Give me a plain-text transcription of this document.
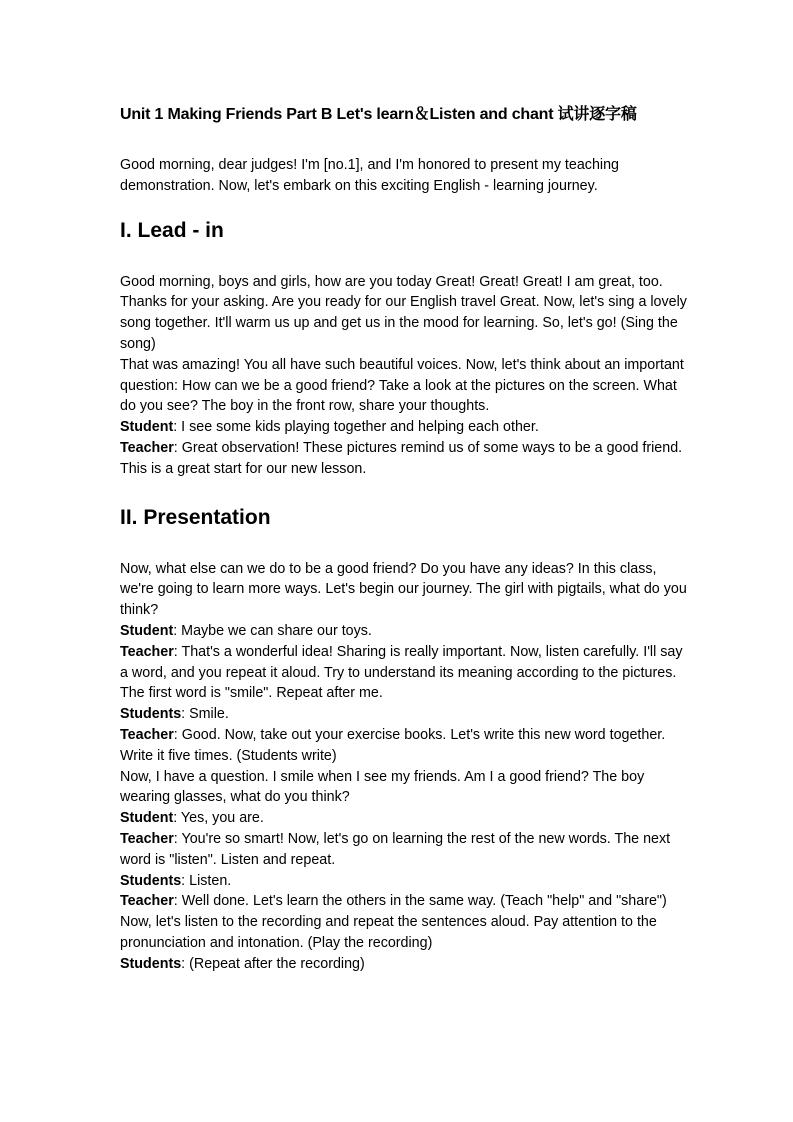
Unit 1 Making Friends Part B Let's learn＆Listen and chant 试讲逐字稿

Good morning, dear judges! I'm [no.1], and I'm honored to present my teaching demonstration. Now, let's embark on this exciting English - learning journey.

I. Lead - in

Good morning, boys and girls, how are you today Great! Great! Great! I am great, too. Thanks for your asking. Are you ready for our English travel Great. Now, let's sing a lovely song together. It'll warm us up and get us in the mood for learning. So, let's go! (Sing the song)

That was amazing! You all have such beautiful voices. Now, let's think about an important question: How can we be a good friend? Take a look at the pictures on the screen. What do you see? The boy in the front row, share your thoughts.

Student: I see some kids playing together and helping each other.

Teacher: Great observation! These pictures remind us of some ways to be a good friend. This is a great start for our new lesson.

II. Presentation

Now, what else can we do to be a good friend? Do you have any ideas? In this class, we're going to learn more ways. Let's begin our journey. The girl with pigtails, what do you think?

Student: Maybe we can share our toys.

Teacher: That's a wonderful idea! Sharing is really important. Now, listen carefully. I'll say a word, and you repeat it aloud. Try to understand its meaning according to the pictures. The first word is "smile". Repeat after me.

Students: Smile.

Teacher: Good. Now, take out your exercise books. Let's write this new word together. Write it five times. (Students write)

Now, I have a question. I smile when I see my friends. Am I a good friend? The boy wearing glasses, what do you think?

Student: Yes, you are.

Teacher: You're so smart! Now, let's go on learning the rest of the new words. The next word is "listen". Listen and repeat.

Students: Listen.

Teacher: Well done. Let's learn the others in the same way. (Teach "help" and "share")

Now, let's listen to the recording and repeat the sentences aloud. Pay attention to the pronunciation and intonation. (Play the recording)

Students: (Repeat after the recording)
